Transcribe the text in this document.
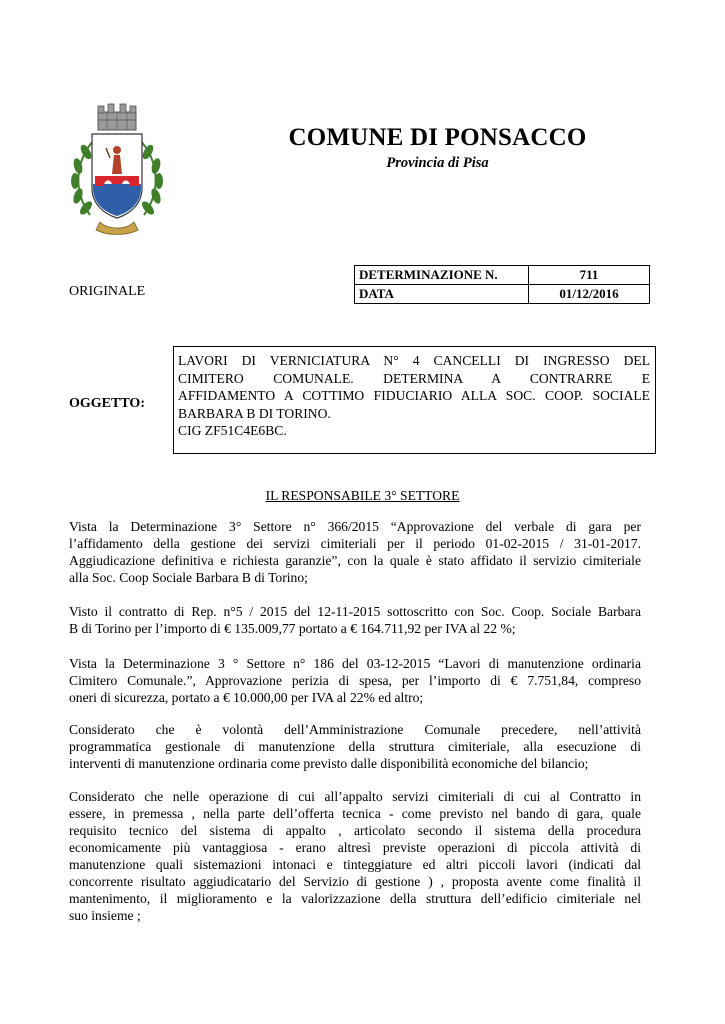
COMUNE DI PONSACCO
Provincia di Pisa
ORIGINALE
DETERMINAZIONE N.	711
DATA	01/12/2016
OGGETTO:
LAVORI DI VERNICIATURA N° 4 CANCELLI DI INGRESSO DEL
CIMITERO COMUNALE. DETERMINA A CONTRARRE E
AFFIDAMENTO A COTTIMO FIDUCIARIO ALLA SOC. COOP. SOCIALE
BARBARA B DI TORINO.
CIG ZF51C4E6BC.
IL RESPONSABILE 3° SETTORE
Vista la Determinazione 3° Settore n° 366/2015 “Approvazione del verbale di gara per
l’affidamento della gestione dei servizi cimiteriali per il periodo 01-02-2015 / 31-01-2017.
Aggiudicazione definitiva e richiesta garanzie”, con la quale è stato affidato il servizio cimiteriale
alla Soc. Coop Sociale Barbara B di Torino;
Visto il contratto di Rep. n°5 / 2015 del 12-11-2015 sottoscritto con Soc. Coop. Sociale Barbara
B di Torino per l’importo di € 135.009,77 portato a € 164.711,92 per IVA al 22 %;
Vista la Determinazione 3 ° Settore n° 186 del 03-12-2015 “Lavori di manutenzione ordinaria
Cimitero Comunale.”, Approvazione perizia di spesa, per l’importo di € 7.751,84, compreso
oneri di sicurezza, portato a € 10.000,00 per IVA al 22% ed altro;
Considerato che è volontà dell’Amministrazione Comunale precedere, nell’attività
programmatica gestionale di manutenzione della struttura cimiteriale, alla esecuzione di
interventi di manutenzione ordinaria come previsto dalle disponibilità economiche del bilancio;
Considerato che nelle operazione di cui all’appalto servizi cimiteriali di cui al Contratto in
essere, in premessa , nella parte dell’offerta tecnica - come previsto nel bando di gara, quale
requisito tecnico del sistema di appalto , articolato secondo il sistema della procedura
economicamente più vantaggiosa - erano altresì previste operazioni di piccola attività di
manutenzione quali sistemazioni intonaci e tinteggiature ed altri piccoli lavori (indicati dal
concorrente risultato aggiudicatario del Servizio di gestione ) , proposta avente come finalità il
mantenimento, il miglioramento e la valorizzazione della struttura dell’edificio cimiteriale nel
suo insieme ;
